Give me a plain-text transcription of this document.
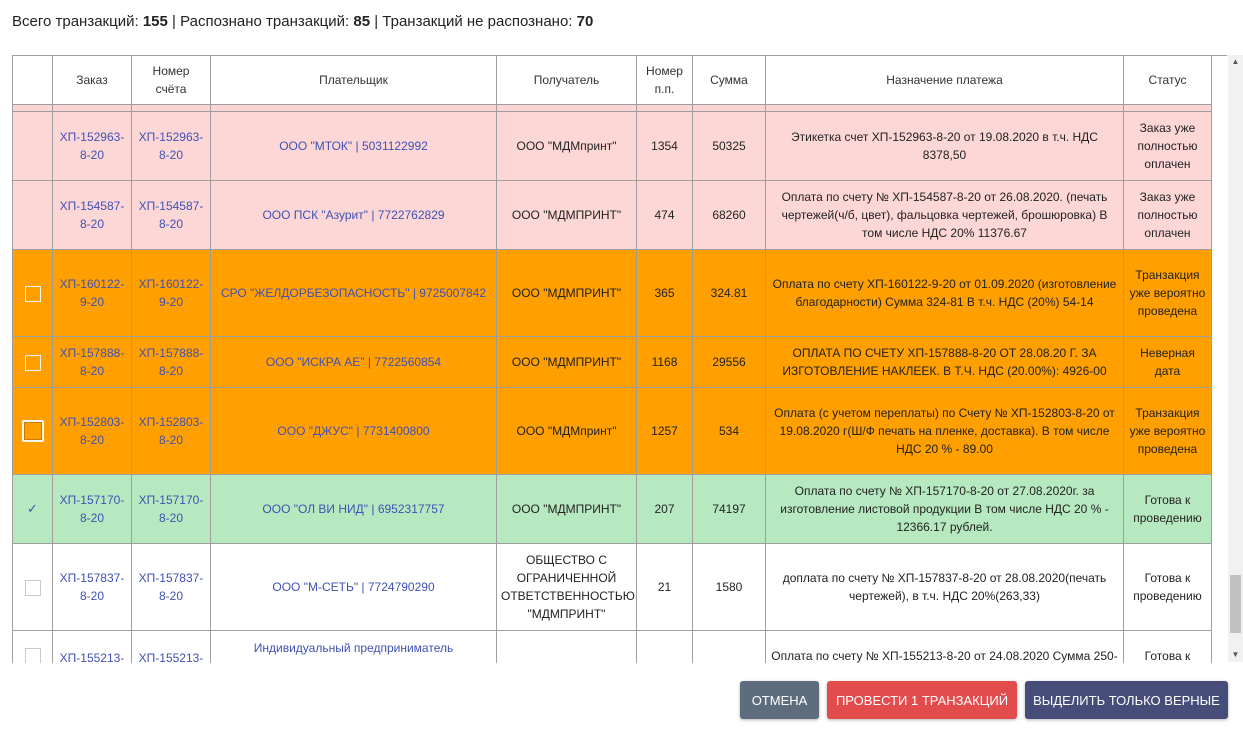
Всего транзакций: 155 | Распознано транзакций: 85 | Транзакций не распознано: 70
	Заказ	Номер счёта	Плательщик	Получатель	Номер п.п.	Сумма	Назначение платежа	Статус

	ХП-152963-8-20	ХП-152963-8-20	ООО "МТОК" | 5031122992	ООО "МДМпринт"	1354	50325	Этикетка счет ХП-152963-8-20 от 19.08.2020 в т.ч. НДС 8378,50	Заказ уже полностью оплачен
	ХП-154587-8-20	ХП-154587-8-20	ООО ПСК "Азурит" | 7722762829	ООО "МДМПРИНТ"	474	68260	Оплата по счету № ХП-154587-8-20 от 26.08.2020. (печать чертежей(ч/б, цвет), фальцовка чертежей, брошюровка) В том числе НДС 20% 11376.67	Заказ уже полностью оплачен
	ХП-160122-9-20	ХП-160122-9-20	СРО "ЖЕЛДОРБЕЗОПАСНОСТЬ" | 9725007842	ООО "МДМПРИНТ"	365	324.81	Оплата по счету ХП-160122-9-20 от 01.09.2020 (изготовление благодарности) Сумма 324-81 В т.ч. НДС (20%) 54-14	Транзакция уже вероятно проведена
	ХП-157888-8-20	ХП-157888-8-20	ООО "ИСКРА АЕ" | 7722560854	ООО "МДМПРИНТ"	1168	29556	ОПЛАТА ПО СЧЕТУ ХП-157888-8-20 ОТ 28.08.20 Г. ЗА ИЗГОТОВЛЕНИЕ НАКЛЕЕК. В Т.Ч. НДС (20.00%): 4926-00	Неверная дата
	ХП-152803-8-20	ХП-152803-8-20	ООО "ДЖУС" | 7731400800	ООО "МДМпринт"	1257	534	Оплата (с учетом переплаты) по Счету № ХП-152803-8-20 от 19.08.2020 г(Ш/Ф печать на пленке, доставка). В том числе НДС 20 % - 89.00	Транзакция уже вероятно проведена
✓	ХП-157170-8-20	ХП-157170-8-20	ООО "ОЛ ВИ НИД" | 6952317757	ООО "МДМПРИНТ"	207	74197	Оплата по счету № ХП-157170-8-20 от 27.08.2020г. за изготовление листовой продукции В том числе НДС 20 % - 12366.17 рублей.	Готова к проведению
	ХП-157837-8-20	ХП-157837-8-20	ООО "М-СЕТЬ" | 7724790290	ОБЩЕСТВО С ОГРАНИЧЕННОЙ ОТВЕТСТВЕННОСТЬЮ "МДМПРИНТ"	21	1580	доплата по счету № ХП-157837-8-20 от 28.08.2020(печать чертежей), в т.ч. НДС 20%(263,33)	Готова к проведению
	ХП-155213-	ХП-155213-	Индивидуальный предприниматель				Оплата по счету № ХП-155213-8-20 от 24.08.2020 Сумма 250-	Готова к
▲
▼
ОТМЕНА	ПРОВЕСТИ 1 ТРАНЗАКЦИЙ	ВЫДЕЛИТЬ ТОЛЬКО ВЕРНЫЕ
